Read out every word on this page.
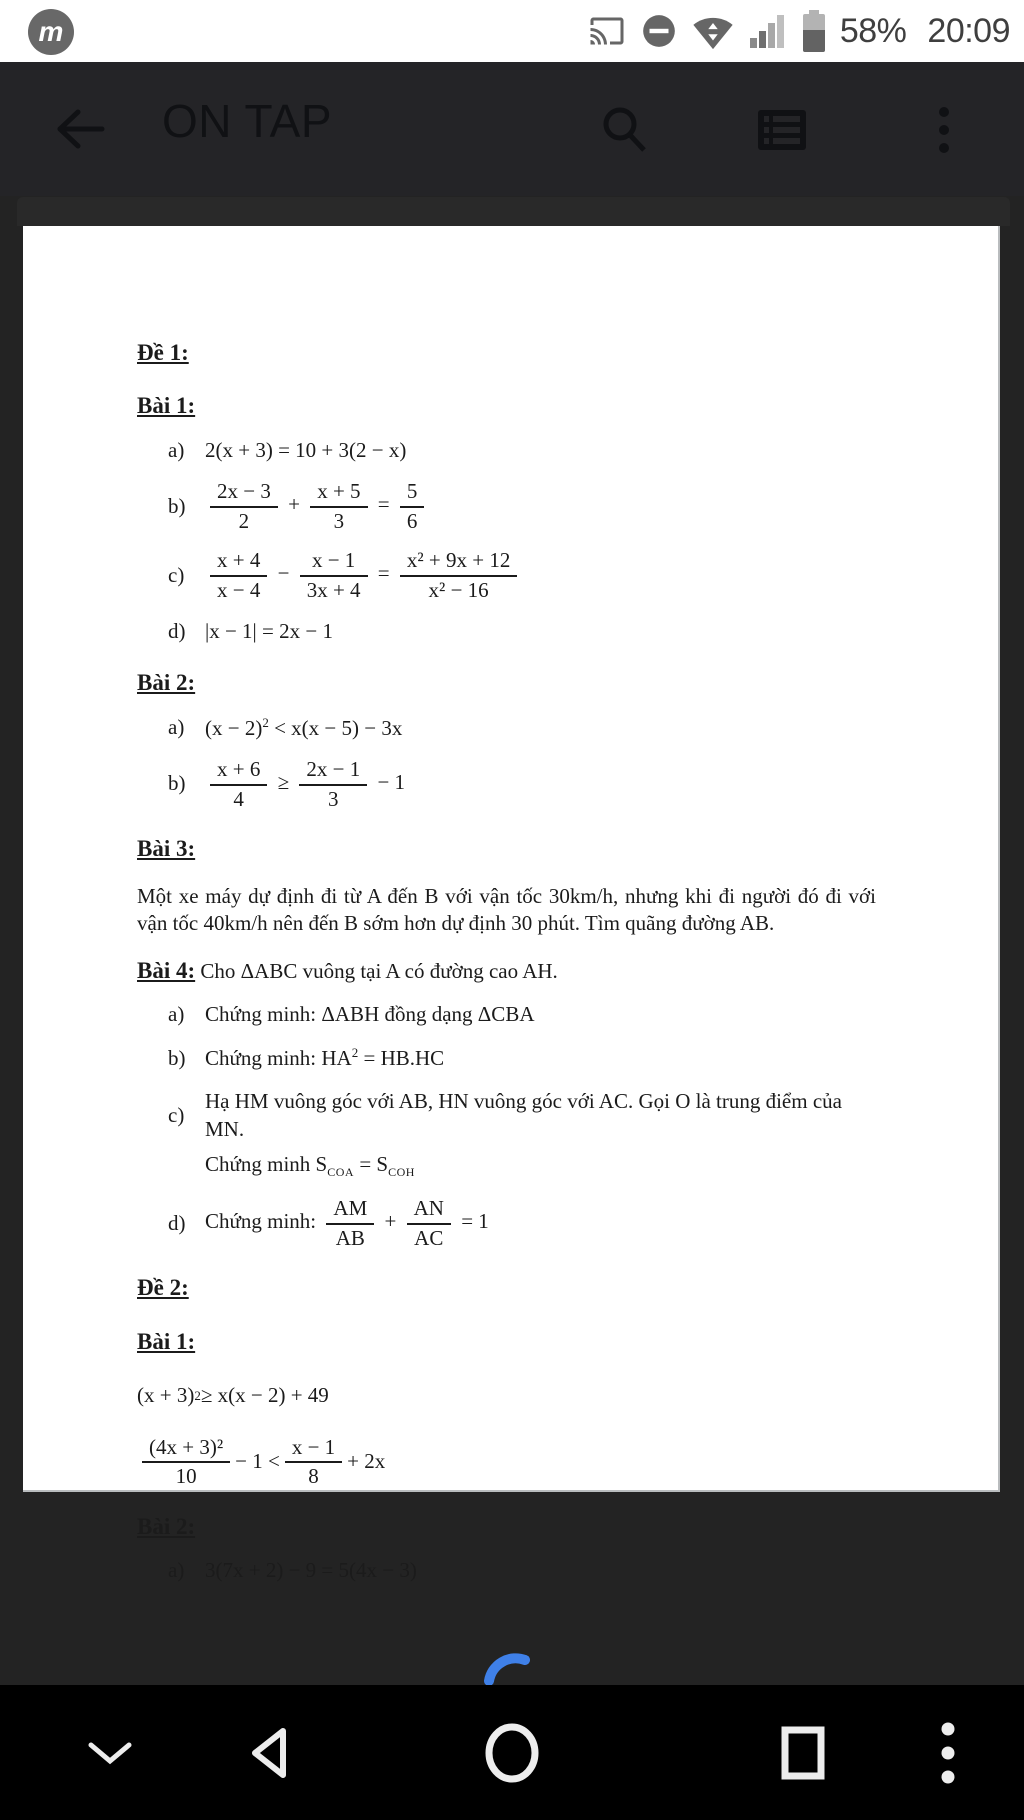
m	58% 20:09
ON TAP
Đề 1:
Bài 1:
a) 2(x + 3) = 10 + 3(2 − x)
b)	$\frac{2x - 3}{2} + \frac{x + 5}{3} = \frac{5}{6}$
c)	$\frac{x + 4}{x - 4} - \frac{x - 1}{3x + 4} = \frac{\text{x² + 9x + 12}}{\text{x² − 16}}$
d) |x − 1| = 2x − 1
Bài 2:
a) $(x - 2)^2 < x(x - 5) - 3x$
b)	$\frac{x + 6}{4} \ge \frac{2x - 1}{3} - 1$
Bài 3:
Một xe máy dự định đi từ A đến B với vận tốc 30km/h, nhưng khi đi người đó đi với vận tốc 40km/h nên đến B sớm hơn dự định 30 phút. Tìm quãng đường AB.
Bài 4: Cho ΔABC vuông tại A có đường cao AH.
a) Chứng minh: ΔABH đồng dạng ΔCBA
b) Chứng minh: $HA^2 = HB.HC$
c)
Hạ HM vuông góc với AB, HN vuông góc với AC. Gọi O là trung điểm của MN.
Chứng minh $S_{COA} = S_{COH}$
d) Chứng minh: $\frac{AM}{AB} + \frac{AN}{AC} = 1$
Đề 2:
Bài 1:
(x + 3) 2 ≥ x(x − 2) + 49
$\frac{\text{(4x + 3)²}}{10} - 1 < \frac{x - 1}{8} + 2x$
Bài 2:
a) 3(7x + 2) − 9 = 5(4x − 3)
